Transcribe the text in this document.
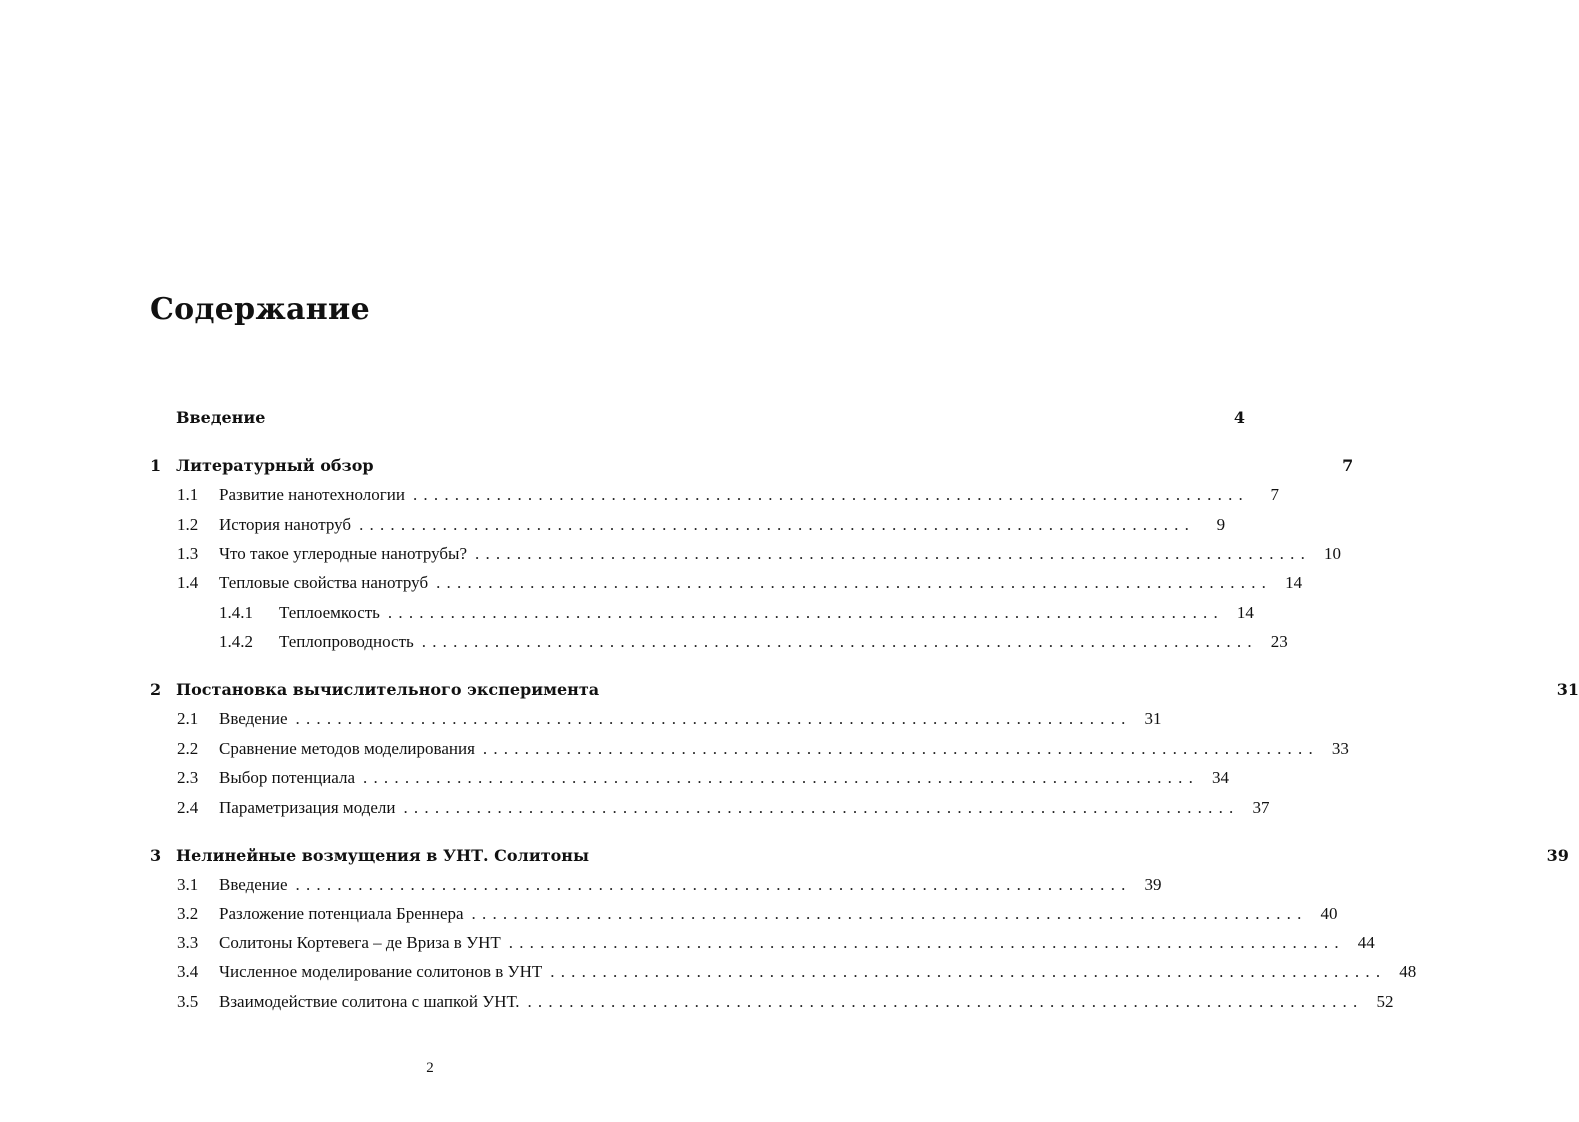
Содержание
Введение	4
1 Литературный обзор	7
1.1	Развитие нанотехнологии ................................................................................	7
1.2	История нанотруб ................................................................................	9
1.3	Что такое углеродные нанотрубы? ................................................................................ 10
1.4	Тепловые свойства нанотруб ................................................................................ 14
1.4.1	Теплоемкость ................................................................................ 14
1.4.2	Теплопроводность ................................................................................ 23
2 Постановка вычислительного эксперимента	31
2.1	Введение ................................................................................ 31
2.2	Сравнение методов моделирования ................................................................................ 33
2.3	Выбор потенциала ................................................................................ 34
2.4	Параметризация модели ................................................................................ 37
3 Нелинейные возмущения в УНТ. Солитоны	39
3.1	Введение ................................................................................ 39
3.2	Разложение потенциала Бреннера ................................................................................ 40
3.3	Солитоны Кортевега – де Вриза в УНТ ................................................................................ 44
3.4	Численное моделирование солитонов в УНТ ................................................................................ 48
3.5	Взаимодействие солитона с шапкой УНТ. ................................................................................ 52
2
